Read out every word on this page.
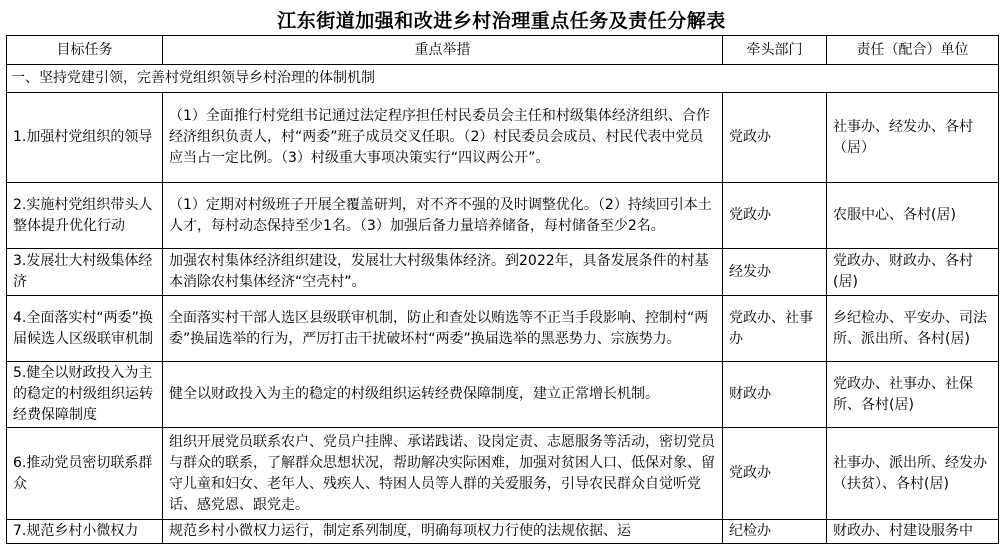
江东街道加强和改进乡村治理重点任务及责任分解表
目标任务	重点举措	牵头部门	责任（配合）单位
一、坚持党建引领，完善村党组织领导乡村治理的体制机制			
1.加强村党组织的领导	（1）全面推行村党组书记通过法定程序担任村民委员会主任和村级集体经济组织、合作经济组织负责人，村“两委”班子成员交叉任职。（2）村民委员会成员、村民代表中党员应当占一定比例。（3）村级重大事项决策实行“四议两公开”。	党政办	社事办、经发办、各村（居）
2.实施村党组织带头人整体提升优化行动	（1）定期对村级班子开展全覆盖研判，对不齐不强的及时调整优化。（2）持续回引本土人才，每村动态保持至少1名。（3）加强后备力量培养储备，每村储备至少2名。	党政办	农服中心、各村(居)
3.发展壮大村级集体经济	加强农村集体经济组织建设，发展壮大村级集体经济。到2022年，具备发展条件的村基本消除农村集体经济“空壳村”。	经发办	党政办、财政办、各村(居)
4.全面落实村“两委”换届候选人区级联审机制	全面落实村干部人选区县级联审机制，防止和查处以贿选等不正当手段影响、控制村“两委”换届选举的行为，严厉打击干扰破坏村“两委”换届选举的黑恶势力、宗族势力。	党政办、社事办	乡纪检办、平安办、司法所、派出所、各村(居)
5.健全以财政投入为主的稳定的村级组织运转经费保障制度	健全以财政投入为主的稳定的村级组织运转经费保障制度，建立正常增长机制。	财政办	党政办、社事办、社保所、各村(居)
6.推动党员密切联系群众	组织开展党员联系农户、党员户挂牌、承诺践诺、设岗定责、志愿服务等活动，密切党员与群众的联系，了解群众思想状况，帮助解决实际困难，加强对贫困人口、低保对象、留守儿童和妇女、老年人、残疾人、特困人员等人群的关爱服务，引导农民群众自觉听党话、感党恩、跟党走。	党政办	社事办、派出所、经发办（扶贫）、各村(居)
7.规范乡村小微权力	规范乡村小微权力运行，制定系列制度，明确每项权力行使的法规依据、运	纪检办	财政办、村建设服务中
